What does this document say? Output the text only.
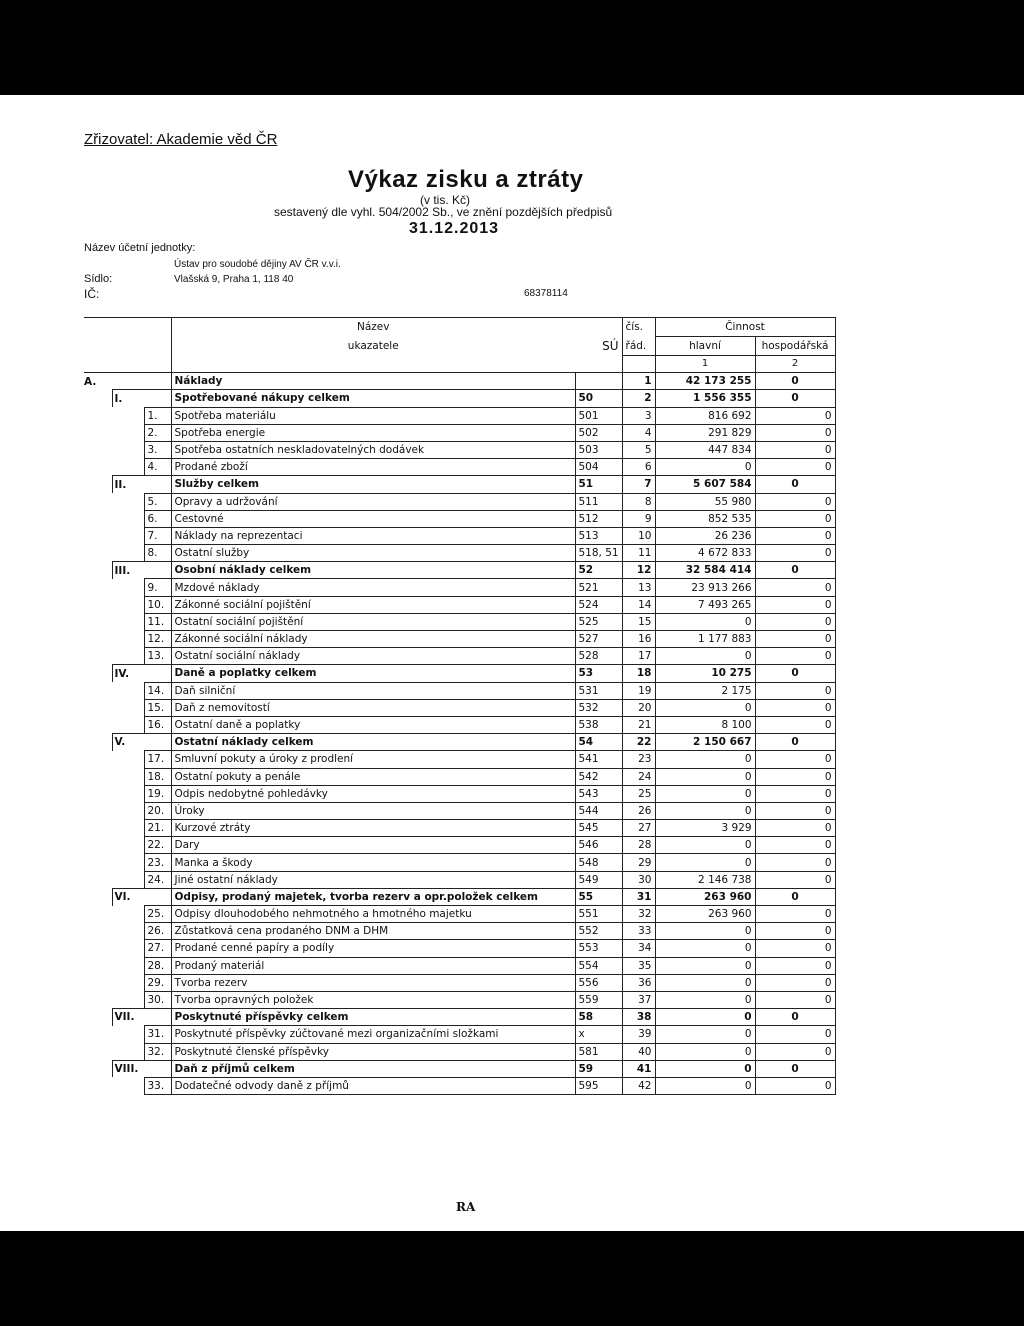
Zřizovatel: Akademie věd ČR
Výkaz zisku a ztráty
(v tis. Kč)
sestavený dle vyhl. 504/2002 Sb., ve znění pozdějších předpisů
31.12.2013
Název účetní jednotky:
Ústav pro soudobé dějiny AV ČR v.v.i.
Sídlo:	Vlašská 9, Praha 1, 118 40
IČ:	68378114
			Název		čís.	Činnost	
			ukazatele	SÚ	řád.	hlavní	hospodářská
						1	2
A.			Náklady		1	42 173 255	0
	I.		Spotřebované nákupy celkem	50	2	1 556 355	0
		1.	Spotřeba materiálu	501	3	816 692	0
		2.	Spotřeba energie	502	4	291 829	0
		3.	Spotřeba ostatních neskladovatelných dodávek	503	5	447 834	0
		4.	Prodané zboží	504	6	0	0
	II.		Služby celkem	51	7	5 607 584	0
		5.	Opravy a udržování	511	8	55 980	0
		6.	Cestovné	512	9	852 535	0
		7.	Náklady na reprezentaci	513	10	26 236	0
		8.	Ostatní služby	518, 51	11	4 672 833	0
	III.		Osobní náklady celkem	52	12	32 584 414	0
		9.	Mzdové náklady	521	13	23 913 266	0
		10.	Zákonné sociální pojištění	524	14	7 493 265	0
		11.	Ostatní sociální pojištění	525	15	0	0
		12.	Zákonné sociální náklady	527	16	1 177 883	0
		13.	Ostatní sociální náklady	528	17	0	0
	IV.		Daně a poplatky celkem	53	18	10 275	0
		14.	Daň silniční	531	19	2 175	0
		15.	Daň z nemovitostí	532	20	0	0
		16.	Ostatní daně a poplatky	538	21	8 100	0
	V.		Ostatní náklady celkem	54	22	2 150 667	0
		17.	Smluvní pokuty a úroky z prodlení	541	23	0	0
		18.	Ostatní pokuty a penále	542	24	0	0
		19.	Odpis nedobytné pohledávky	543	25	0	0
		20.	Úroky	544	26	0	0
		21.	Kurzové ztráty	545	27	3 929	0
		22.	Dary	546	28	0	0
		23.	Manka a škody	548	29	0	0
		24.	Jiné ostatní náklady	549	30	2 146 738	0
	VI.		Odpisy, prodaný majetek, tvorba rezerv a opr.položek celkem	55	31	263 960	0
		25.	Odpisy dlouhodobého nehmotného a hmotného majetku	551	32	263 960	0
		26.	Zůstatková cena prodaného DNM a DHM	552	33	0	0
		27.	Prodané cenné papíry a podíly	553	34	0	0
		28.	Prodaný materiál	554	35	0	0
		29.	Tvorba rezerv	556	36	0	0
		30.	Tvorba opravných položek	559	37	0	0
	VII.		Poskytnuté příspěvky celkem	58	38	0	0
		31.	Poskytnuté příspěvky zúčtované mezi organizačními složkami	x	39	0	0
		32.	Poskytnuté členské příspěvky	581	40	0	0
	VIII.		Daň z příjmů celkem	59	41	0	0
		33.	Dodatečné odvody daně z příjmů	595	42	0	0
RA
